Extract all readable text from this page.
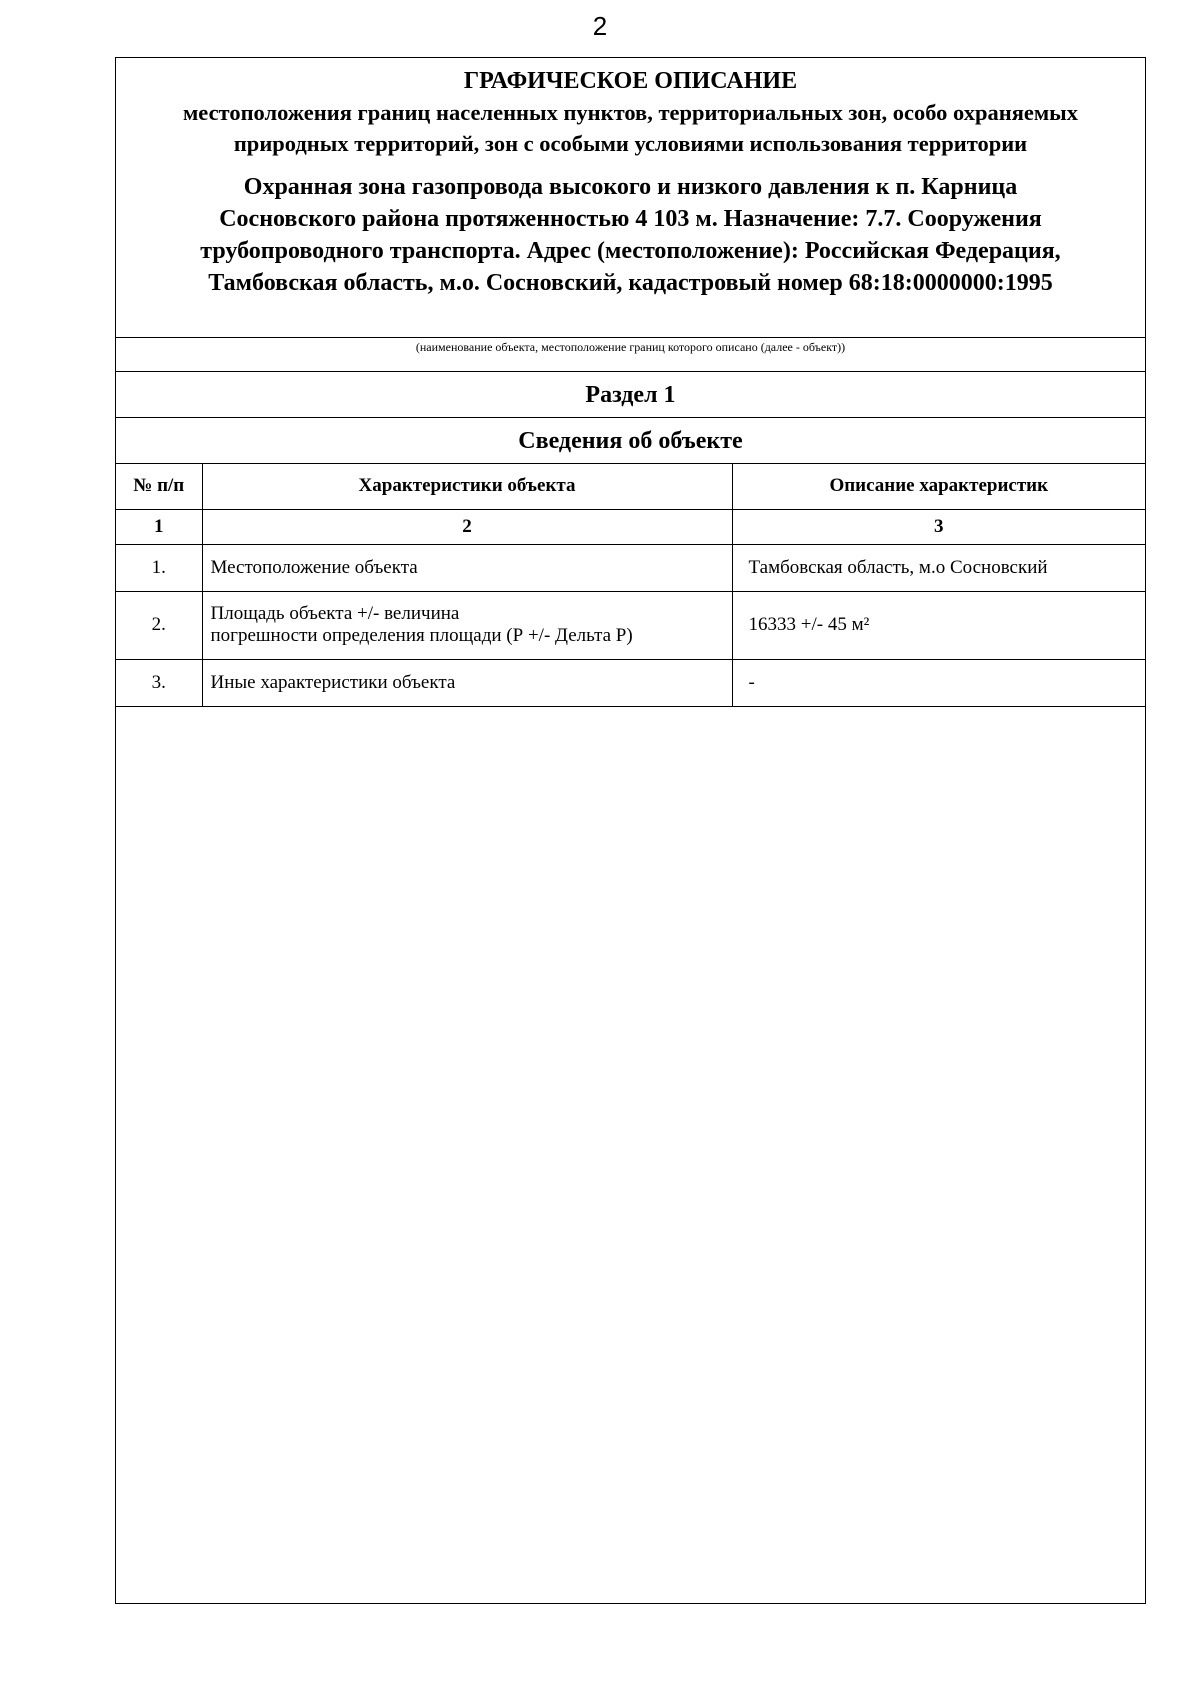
2
ГРАФИЧЕСКОЕ ОПИСАНИЕ
местоположения границ населенных пунктов, территориальных зон, особо охраняемых природных территорий, зон с особыми условиями использования территории
Охранная зона газопровода высокого и низкого давления к п. Карница
Сосновского района протяженностью 4 103 м. Назначение: 7.7. Сооружения
трубопроводного транспорта. Адрес (местоположение): Российская Федерация,
Тамбовская область, м.о. Сосновский, кадастровый номер 68:18:0000000:1995
(наименование объекта, местоположение границ которого описано (далее - объект))
Раздел 1
Сведения об объекте
№ п/п	Характеристики объекта	Описание характеристик
1	2	3
1.	Местоположение объекта	Тамбовская область, м.о Сосновский
2.	Площадь объекта +/- величина
погрешности определения площади (Р +/- Дельта Р)	16333 +/- 45 м²
3.	Иные характеристики объекта	-
